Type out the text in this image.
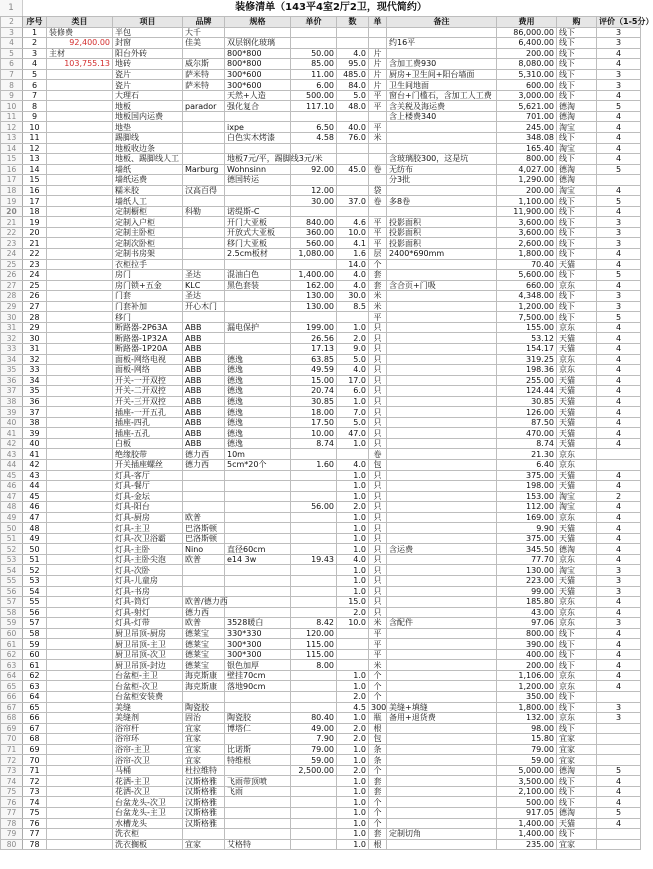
1	装修清单（143平4室2厅2卫，现代简约）
2	序号	类目	项目	品牌	规格	单价	数	单	备注	费用	购	评价（1-5分）
3	1	装修费	半包	大千						86,000.00	线下	3
4	2	92,400.00	封窗	佳美	双层钢化玻璃				约16平	6,400.00	线下	3
5	3	主材	阳台外砖		800*800	50.00	4.0	片		200.00	线下	4
6	4	103,755.13	地砖	威尔斯	800*800	85.00	95.0	片	含加工费930	8,080.00	线下	4
7	5		瓷片	萨米特	300*600	11.00	485.0	片	厨房+卫生间+阳台墙面	5,310.00	线下	3
8	6		瓷片	萨米特	300*600	6.00	84.0	片	卫生间地面	600.00	线下	3
9	7		大理石		天然+人造	500.00	5.0	平	窗台+门槛石，含加工人工费	3,000.00	线下	4
10	8		地板	parador	强化复合	117.10	48.0	平	含关税及海运费	5,621.00	德淘	5
11	9		地板国内运费						含上楼费340	701.00	德淘	4
12	10		地垫		ixpe	6.50	40.0	平		245.00	淘宝	4
13	11		踢脚线		白色实木烤漆	4.58	76.0	米		348.08	线下	4
14	12		地板收边条							165.40	淘宝	4
15	13		地板、踢脚线人工		地板7元/平，踢脚线3元/米				含玻璃胶300，这是坑	800.00	线下	4
16	14		墙纸	Marburg	Wohnsinn	92.00	45.0	卷	无纺布	4,027.00	德淘	5
17	15		墙纸运费		德国转运				分3批	1,290.00	德淘	
18	16		糯米胶	汉高百得		12.00		袋		200.00	淘宝	4
19	17		墙纸人工			30.00	37.0	卷	多8卷	1,100.00	线下	5
20	18		定制橱柜	科勒	诺缇斯-C					11,900.00	线下	4
21	19		定制入户柜		开门大亚板	840.00	4.6	平	投影面积	3,600.00	线下	3
22	20		定制主卧柜		开放式大亚板	360.00	10.0	平	投影面积	3,600.00	线下	3
23	21		定制次卧柜		移门大亚板	560.00	4.1	平	投影面积	2,600.00	线下	3
24	22		定制书房架		2.5cm板材	1,080.00	1.6	层	2400*690mm	1,800.00	线下	4
25	23		衣柜拉手				14.0	个		70.40	天猫	4
26	24		房门	圣达	混油白色	1,400.00	4.0	套		5,600.00	线下	5
27	25		房门锁+五金	KLC	黑色套装	162.00	4.0	套	含合页+门吸	660.00	京东	4
28	26		门套	圣达		130.00	30.0	米		4,348.00	线下	3
29	27		门套补加	开心木门		130.00	8.5	米		1,200.00	线下	3
30	28		移门					平		7,500.00	线下	5
31	29		断路器-2P63A	ABB	漏电保护	199.00	1.0	只		155.00	京东	4
32	30		断路器-1P32A	ABB		26.56	2.0	只		53.12	天猫	4
33	31		断路器-1P20A	ABB		17.13	9.0	只		154.17	天猫	4
34	32		面板-网络电视	ABB	德逸	63.85	5.0	只		319.25	京东	4
35	33		面板-网络	ABB	德逸	49.59	4.0	只		198.36	京东	4
36	34		开关-一开双控	ABB	德逸	15.00	17.0	只		255.00	天猫	4
37	35		开关-二开双控	ABB	德逸	20.74	6.0	只		124.44	天猫	4
38	36		开关-三开双控	ABB	德逸	30.85	1.0	只		30.85	天猫	4
39	37		插座-一开五孔	ABB	德逸	18.00	7.0	只		126.00	天猫	4
40	38		插座-四孔	ABB	德逸	17.50	5.0	只		87.50	天猫	4
41	39		插座-五孔	ABB	德逸	10.00	47.0	只		470.00	天猫	4
42	40		白板	ABB	德逸	8.74	1.0	只		8.74	天猫	4
43	41		绝缘胶带	德力西	10m			卷		21.30	京东	
44	42		开关插座螺丝	德力西	5cm*20个	1.60	4.0	包		6.40	京东	
45	43		灯具-客厅				1.0	只		375.00	天猫	4
46	44		灯具-餐厅				1.0	只		198.00	天猫	4
47	45		灯具-金坛				1.0	只		153.00	淘宝	2
48	46		灯具-阳台			56.00	2.0	只		112.00	淘宝	4
49	47		灯具-厨房	欧普			1.0	只		169.00	京东	4
50	48		灯具-主卫	巴洛斯顿			1.0	只		9.90	天猫	4
51	49		灯具-次卫浴霸	巴洛斯顿			1.0	只		375.00	天猫	4
52	50		灯具-主卧	Nino	直径60cm		1.0	只	含运费	345.50	德淘	4
53	51		灯具-主卧尖泡	欧普	e14 3w	19.43	4.0	只		77.70	京东	4
54	52		灯具-次卧				1.0	只		130.00	淘宝	3
55	53		灯具-儿童房				1.0	只		223.00	天猫	3
56	54		灯具-书房				1.0	只		99.00	天猫	3
57	55		灯具-筒灯	欧普/德力西			15.0	只		185.80	京东	4
58	56		灯具-射灯	德力西			2.0	只		43.00	京东	4
59	57		灯具-灯带	欧普	3528暖白	8.42	10.0	米	含配件	97.06	京东	3
60	58		厨卫吊顶-厨房	德莱宝	330*330	120.00		平		800.00	线下	4
61	59		厨卫吊顶-主卫	德莱宝	300*300	115.00		平		390.00	线下	4
62	60		厨卫吊顶-次卫	德莱宝	300*300	115.00		平		400.00	线下	4
63	61		厨卫吊顶-封边	德莱宝	银色加厚	8.00		米		200.00	线下	4
64	62		台盆柜-主卫	海克斯康	壁挂70cm		1.0	个		1,106.00	京东	4
65	63		台盆柜-次卫	海克斯康	落地90cm		1.0	个		1,200.00	京东	4
66	64		台盆柜安装费				2.0	个		350.00	线下	
67	65		美缝	陶瓷胶			4.5	300	美缝+填缝	1,800.00	线下	3
68	66		美缝剂	固治	陶瓷胶	80.40	1.0	瓶	备用+退货费	132.00	京东	3
69	67		浴帘杆	宜家	博塔仁	49.00	2.0	根		98.00	线下	
70	68		浴帘环	宜家		7.90	2.0	包		15.80	宜家	
71	69		浴帘-主卫	宜家	比诺斯	79.00	1.0	条		79.00	宜家	
72	70		浴帘-次卫	宜家	特维根	59.00	1.0	条		59.00	宜家	
73	71		马桶	杜拉维特		2,500.00	2.0	个		5,000.00	德淘	5
74	72		花洒-主卫	汉斯格雅	飞雨带顶喷		1.0	套		3,500.00	线下	4
75	73		花洒-次卫	汉斯格雅	飞雨		1.0	套		2,100.00	线下	4
76	74		台盆龙头-次卫	汉斯格雅			1.0	个		500.00	线下	4
77	75		台盆龙头-主卫	汉斯格雅			1.0	个		917.05	德淘	5
78	76		水槽龙头	汉斯格雅			1.0	个		1,400.00	天猫	4
79	77		洗衣柜				1.0	套	定制切角	1,400.00	线下	
80	78		洗衣搁板	宜家	艾格特		1.0	根		235.00	宜家	
